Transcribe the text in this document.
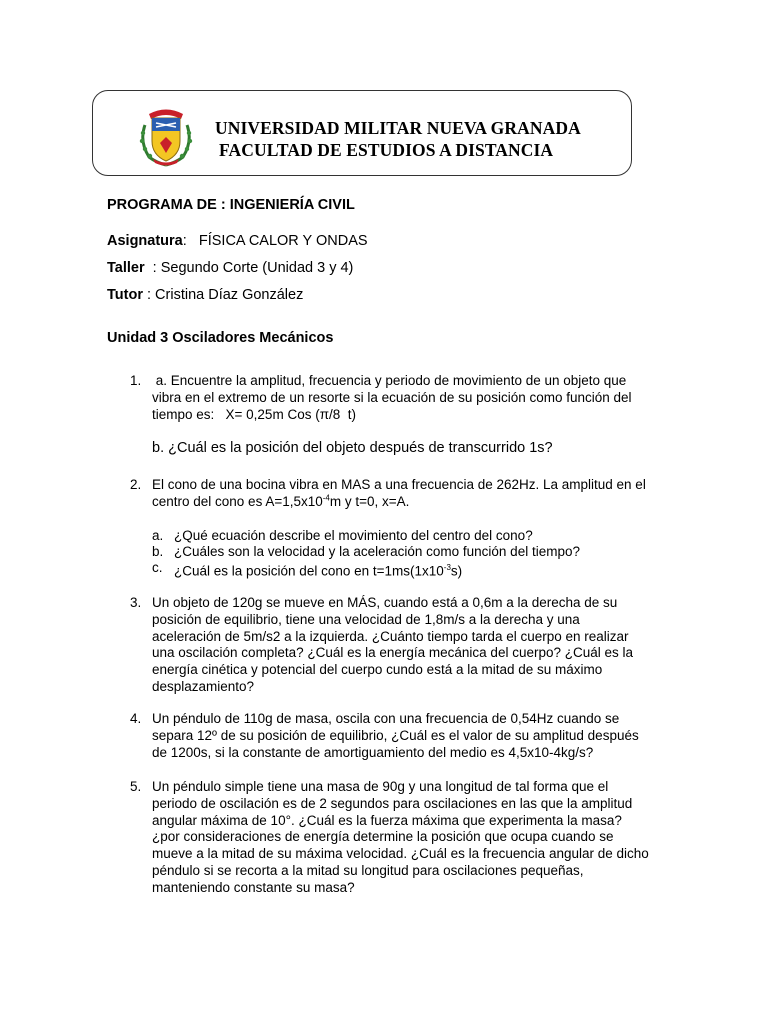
UNIVERSIDAD MILITAR NUEVA GRANADA
FACULTAD DE ESTUDIOS A DISTANCIA
PROGRAMA DE : INGENIERÍA CIVIL
Asignatura:   FÍSICA CALOR Y ONDAS
Taller  : Segundo Corte (Unidad 3 y 4)
Tutor : Cristina Díaz González
Unidad 3 Osciladores Mecánicos
1. a. Encuentre la amplitud, frecuencia y periodo de movimiento de un objeto que
vibra en el extremo de un resorte si la ecuación de su posición como función del
tiempo es:   X= 0,25m Cos (π/8  t)
b. ¿Cuál es la posición del objeto después de transcurrido 1s?
2. El cono de una bocina vibra en MAS a una frecuencia de 262Hz. La amplitud en el
centro del cono es $A=1,5x10^{-4}m$ y t=0, x=A.
a. ¿Qué ecuación describe el movimiento del centro del cono?
b. ¿Cuáles son la velocidad y la aceleración como función del tiempo?
c. ¿Cuál es la posición del cono en $t=1ms(1x10^{-3}s)$
3. Un objeto de 120g se mueve en MÁS, cuando está a 0,6m a la derecha de su
posición de equilibrio, tiene una velocidad de 1,8m/s a la derecha y una
aceleración de 5m/s2 a la izquierda. ¿Cuánto tiempo tarda el cuerpo en realizar
una oscilación completa? ¿Cuál es la energía mecánica del cuerpo? ¿Cuál es la
energía cinética y potencial del cuerpo cundo está a la mitad de su máximo
desplazamiento?
4. Un péndulo de 110g de masa, oscila con una frecuencia de 0,54Hz cuando se
separa 12º de su posición de equilibrio, ¿Cuál es el valor de su amplitud después
de 1200s, si la constante de amortiguamiento del medio es 4,5x10-4kg/s?
5. Un péndulo simple tiene una masa de 90g y una longitud de tal forma que el
periodo de oscilación es de 2 segundos para oscilaciones en las que la amplitud
angular máxima de 10°. ¿Cuál es la fuerza máxima que experimenta la masa?
¿por consideraciones de energía determine la posición que ocupa cuando se
mueve a la mitad de su máxima velocidad. ¿Cuál es la frecuencia angular de dicho
péndulo si se recorta a la mitad su longitud para oscilaciones pequeñas,
manteniendo constante su masa?
